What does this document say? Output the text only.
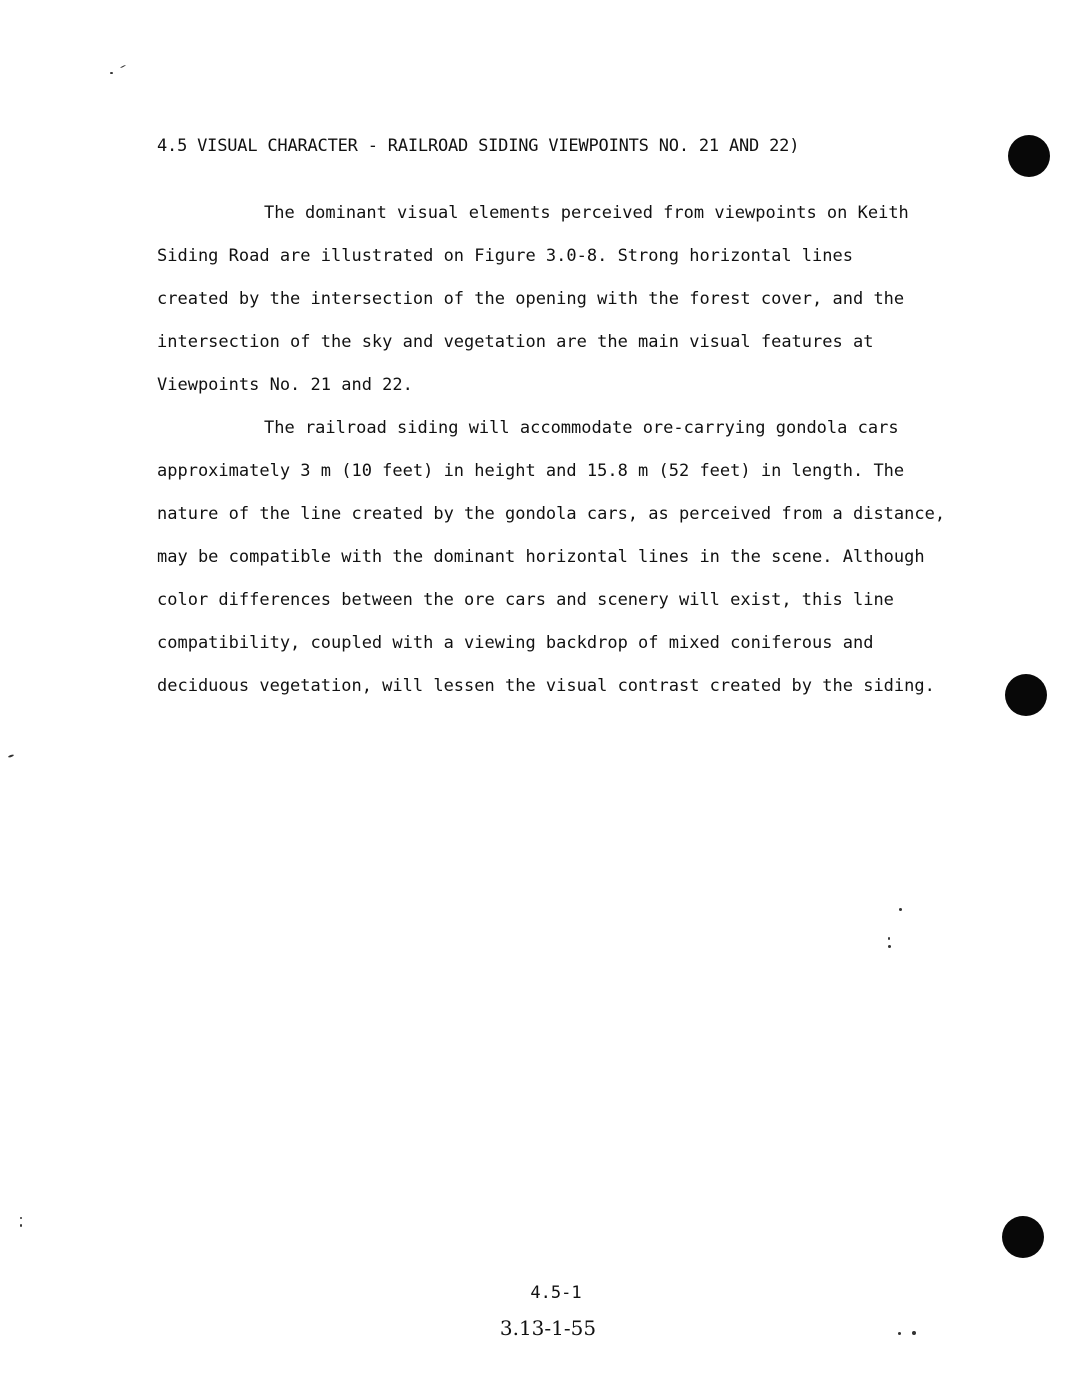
4.5 VISUAL CHARACTER - RAILROAD SIDING VIEWPOINTS NO. 21 AND 22)
The dominant visual elements perceived from viewpoints on Keith
Siding Road are illustrated on Figure 3.0-8. Strong horizontal lines
created by the intersection of the opening with the forest cover, and the
intersection of the sky and vegetation are the main visual features at
Viewpoints No. 21 and 22.
The railroad siding will accommodate ore-carrying gondola cars
approximately 3 m (10 feet) in height and 15.8 m (52 feet) in length. The
nature of the line created by the gondola cars, as perceived from a distance,
may be compatible with the dominant horizontal lines in the scene. Although
color differences between the ore cars and scenery will exist, this line
compatibility, coupled with a viewing backdrop of mixed coniferous and
deciduous vegetation, will lessen the visual contrast created by the siding.
4.5-1
3.13-1-55
